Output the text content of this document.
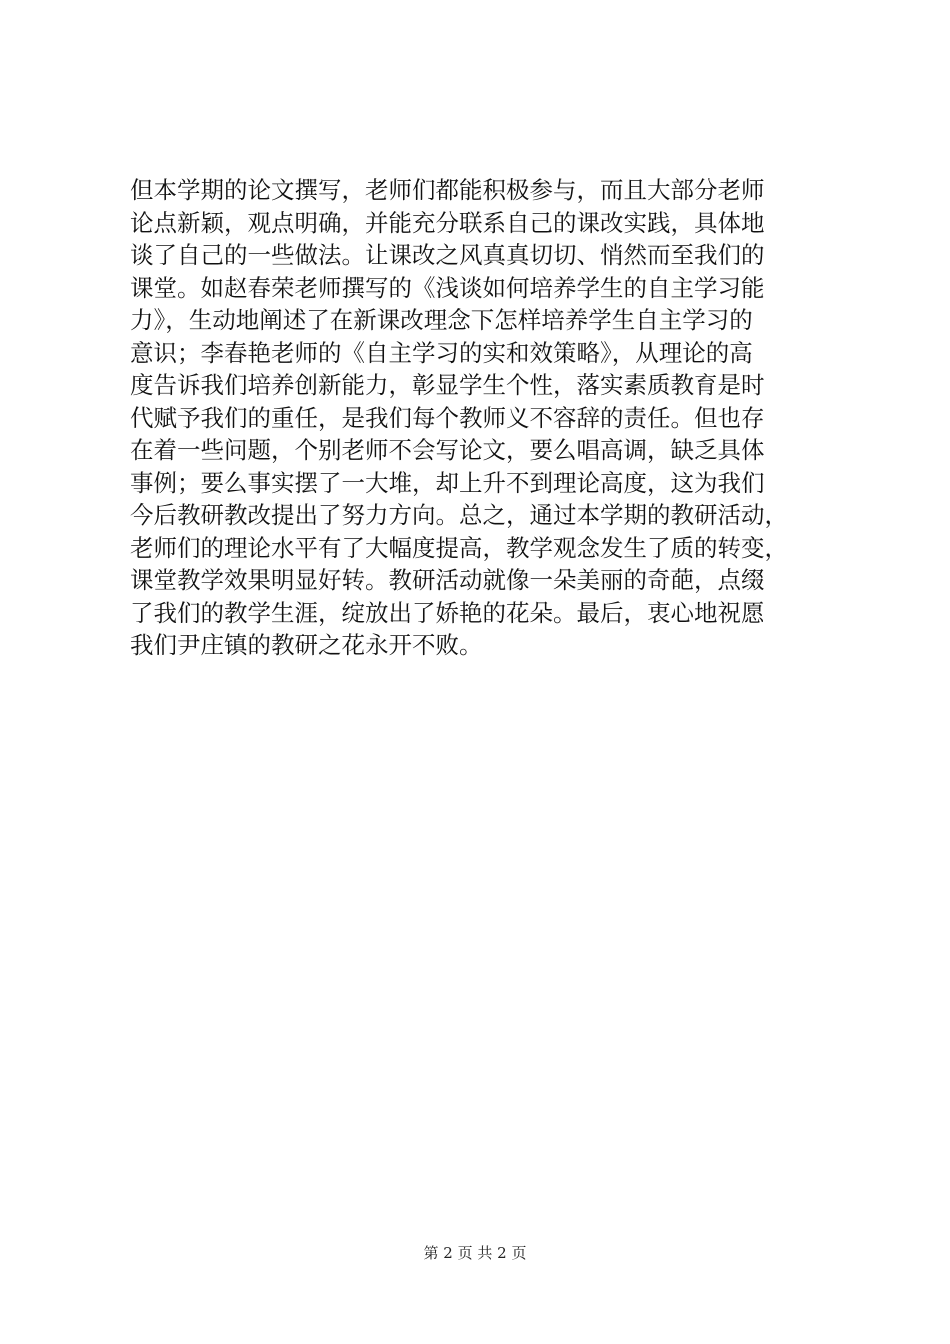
但本学期的论文撰写，老师们都能积极参与，而且大部分老师
论点新颖，观点明确，并能充分联系自己的课改实践，具体地
谈了自己的一些做法。让课改之风真真切切、悄然而至我们的
课堂。如赵春荣老师撰写的《浅谈如何培养学生的自主学习能
力》，生动地阐述了在新课改理念下怎样培养学生自主学习的
意识；李春艳老师的《自主学习的实和效策略》，从理论的高
度告诉我们培养创新能力，彰显学生个性，落实素质教育是时
代赋予我们的重任，是我们每个教师义不容辞的责任。但也存
在着一些问题，个别老师不会写论文，要么唱高调，缺乏具体
事例；要么事实摆了一大堆，却上升不到理论高度，这为我们
今后教研教改提出了努力方向。总之，通过本学期的教研活动，
老师们的理论水平有了大幅度提高，教学观念发生了质的转变，
课堂教学效果明显好转。教研活动就像一朵美丽的奇葩，点缀
了我们的教学生涯，绽放出了娇艳的花朵。最后，衷心地祝愿
我们尹庄镇的教研之花永开不败。
第 2 页 共 2 页
